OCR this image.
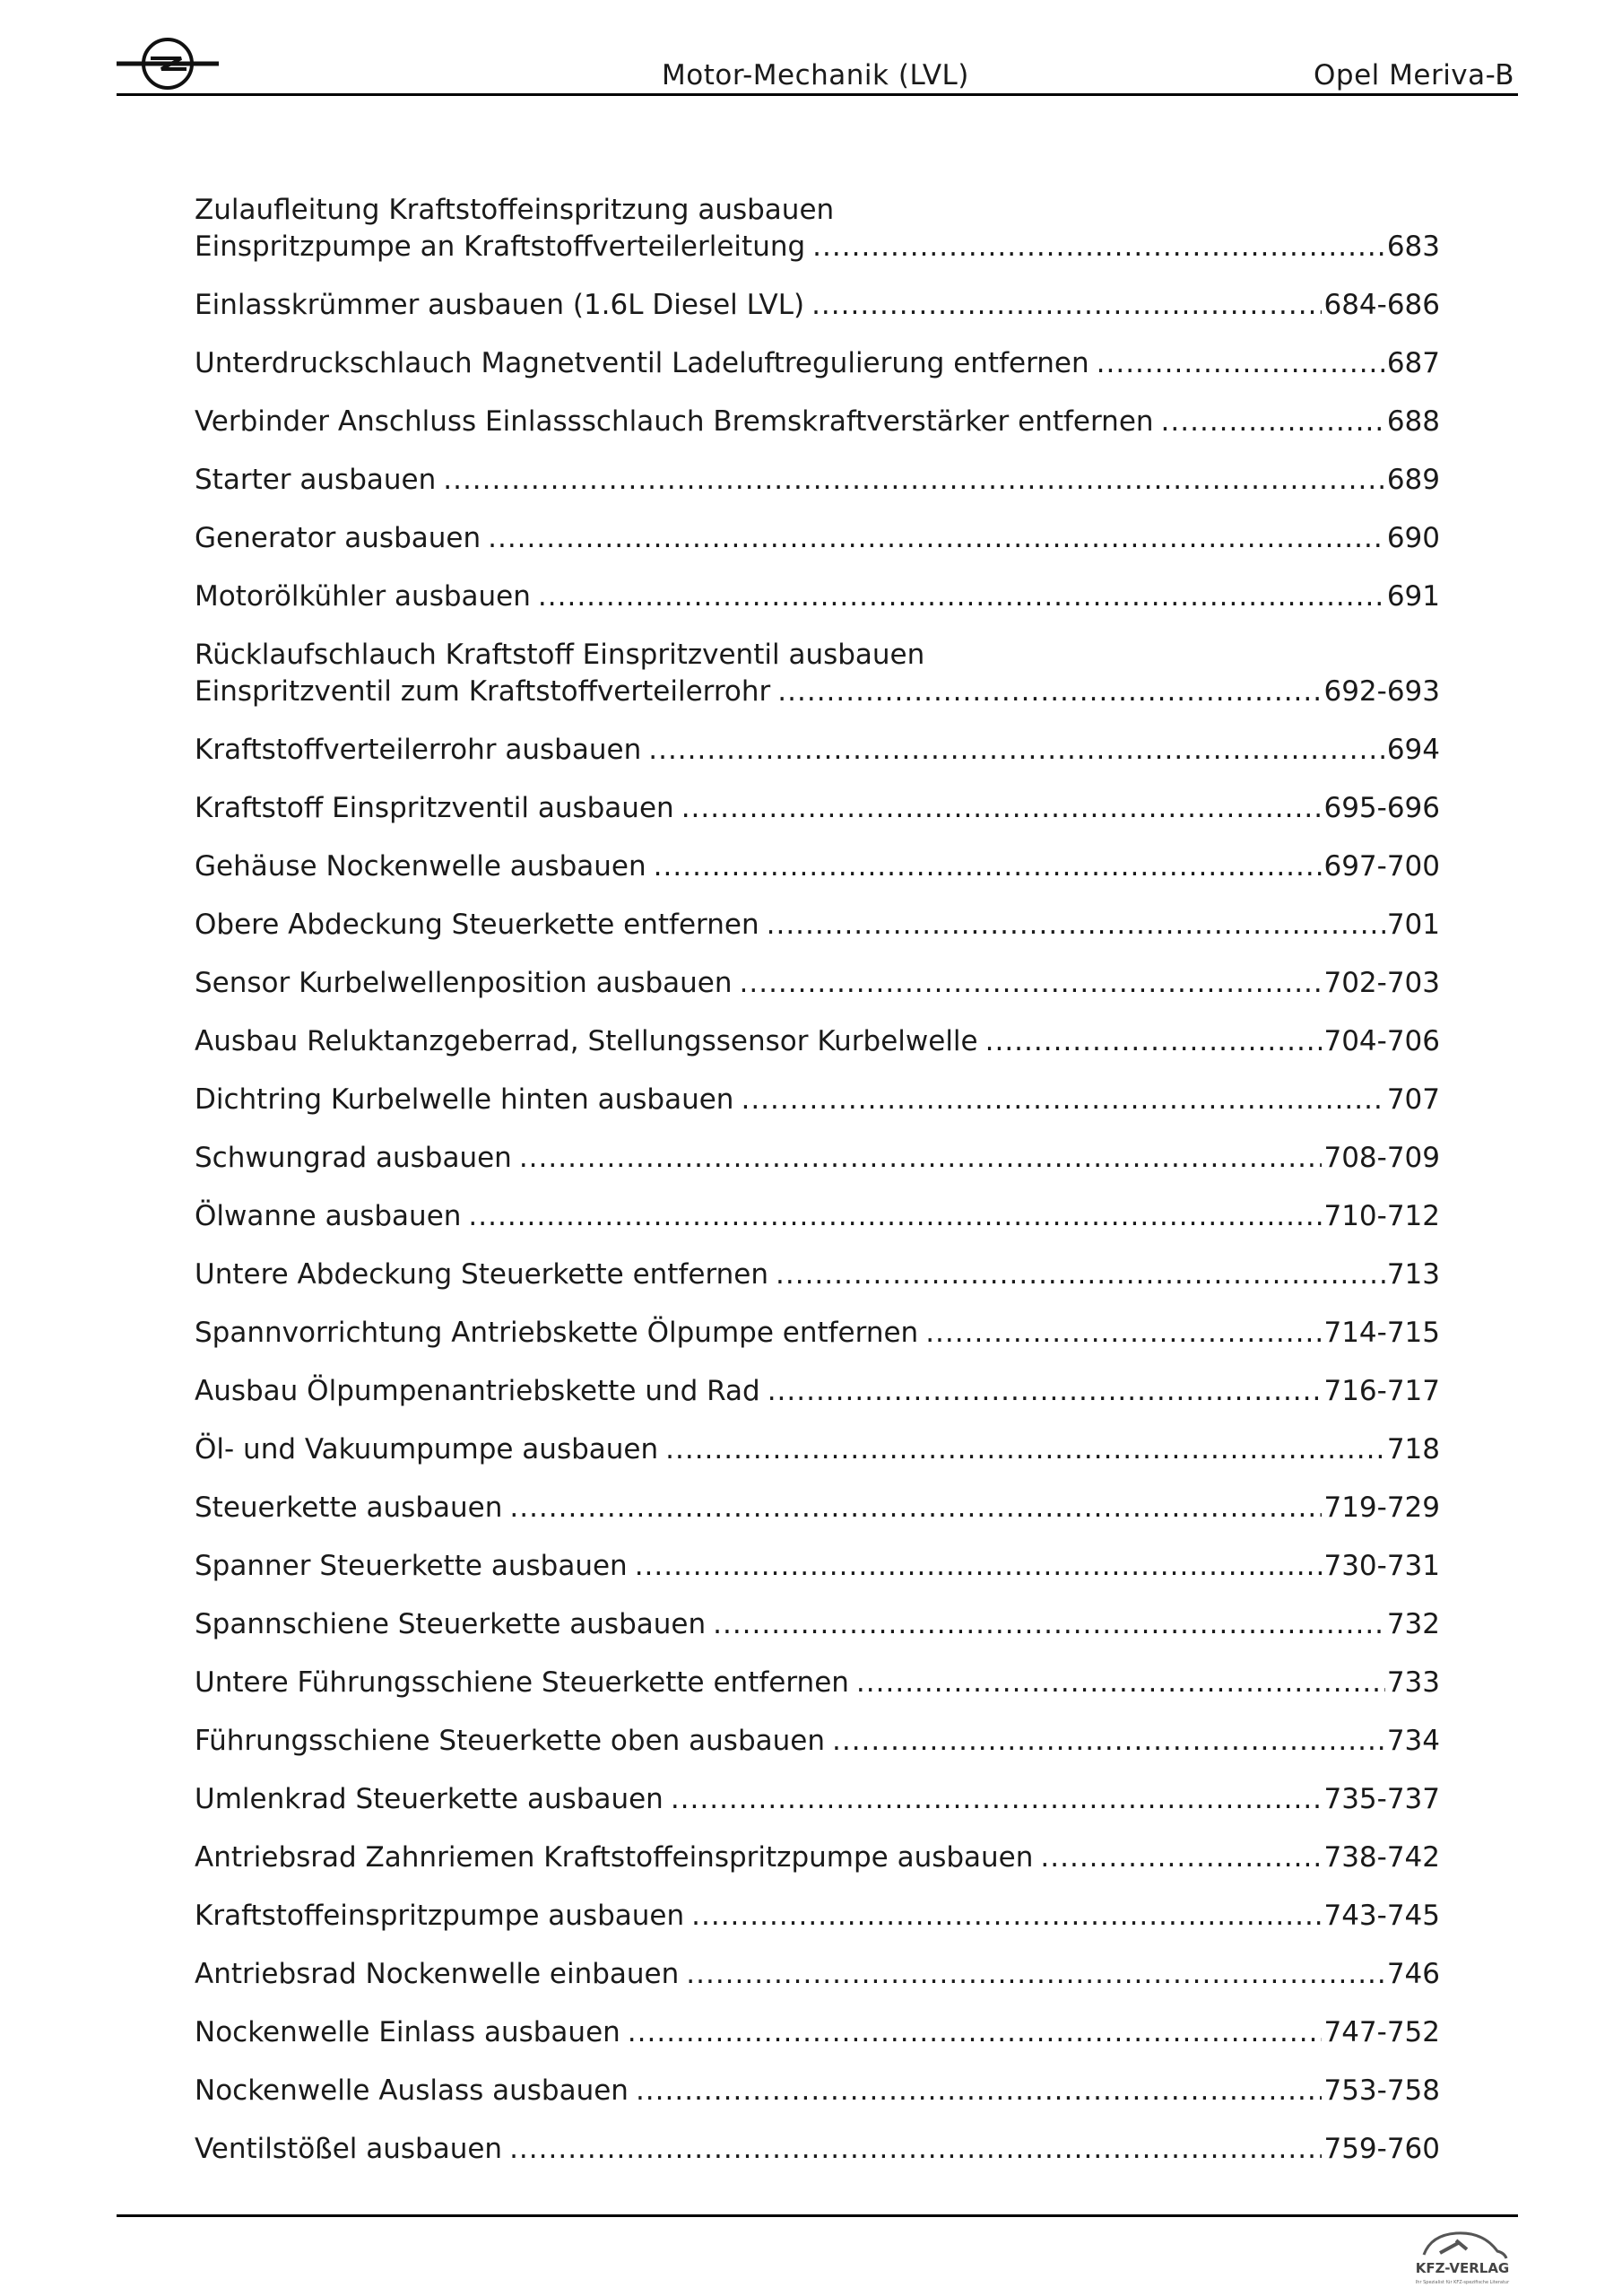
Motor-Mechanik (LVL)	Opel Meriva-B
Zulaufleitung Kraftstoffeinspritzung ausbauen
Einspritzpumpe an Kraftstoffverteilerleitung .....	683
Einlasskrümmer ausbauen (1.6L Diesel LVL) .....	684-686
Unterdruckschlauch Magnetventil Ladeluftregulierung entfernen .....	687
Verbinder Anschluss Einlassschlauch Bremskraftverstärker entfernen .....	688
Starter ausbauen .....	689
Generator ausbauen .....	690
Motorölkühler ausbauen .....	691
Rücklaufschlauch Kraftstoff Einspritzventil ausbauen
Einspritzventil zum Kraftstoffverteilerrohr .....	692-693
Kraftstoffverteilerrohr ausbauen .....	694
Kraftstoff Einspritzventil ausbauen .....	695-696
Gehäuse Nockenwelle ausbauen .....	697-700
Obere Abdeckung Steuerkette entfernen .....	701
Sensor Kurbelwellenposition ausbauen .....	702-703
Ausbau Reluktanzgeberrad, Stellungssensor Kurbelwelle .....	704-706
Dichtring Kurbelwelle hinten ausbauen .....	707
Schwungrad ausbauen .....	708-709
Ölwanne ausbauen .....	710-712
Untere Abdeckung Steuerkette entfernen .....	713
Spannvorrichtung Antriebskette Ölpumpe entfernen .....	714-715
Ausbau Ölpumpenantriebskette und Rad .....	716-717
Öl- und Vakuumpumpe ausbauen .....	718
Steuerkette ausbauen .....	719-729
Spanner Steuerkette ausbauen .....	730-731
Spannschiene Steuerkette ausbauen .....	732
Untere Führungsschiene Steuerkette entfernen .....	733
Führungsschiene Steuerkette oben ausbauen .....	734
Umlenkrad Steuerkette ausbauen .....	735-737
Antriebsrad Zahnriemen Kraftstoffeinspritzpumpe ausbauen .....	738-742
Kraftstoffeinspritzpumpe ausbauen .....	743-745
Antriebsrad Nockenwelle einbauen .....	746
Nockenwelle Einlass ausbauen .....	747-752
Nockenwelle Auslass ausbauen .....	753-758
Ventilstößel ausbauen .....	759-760
KFZ-VERLAG
Ihr Spezialist für KFZ-spezifische Literatur
